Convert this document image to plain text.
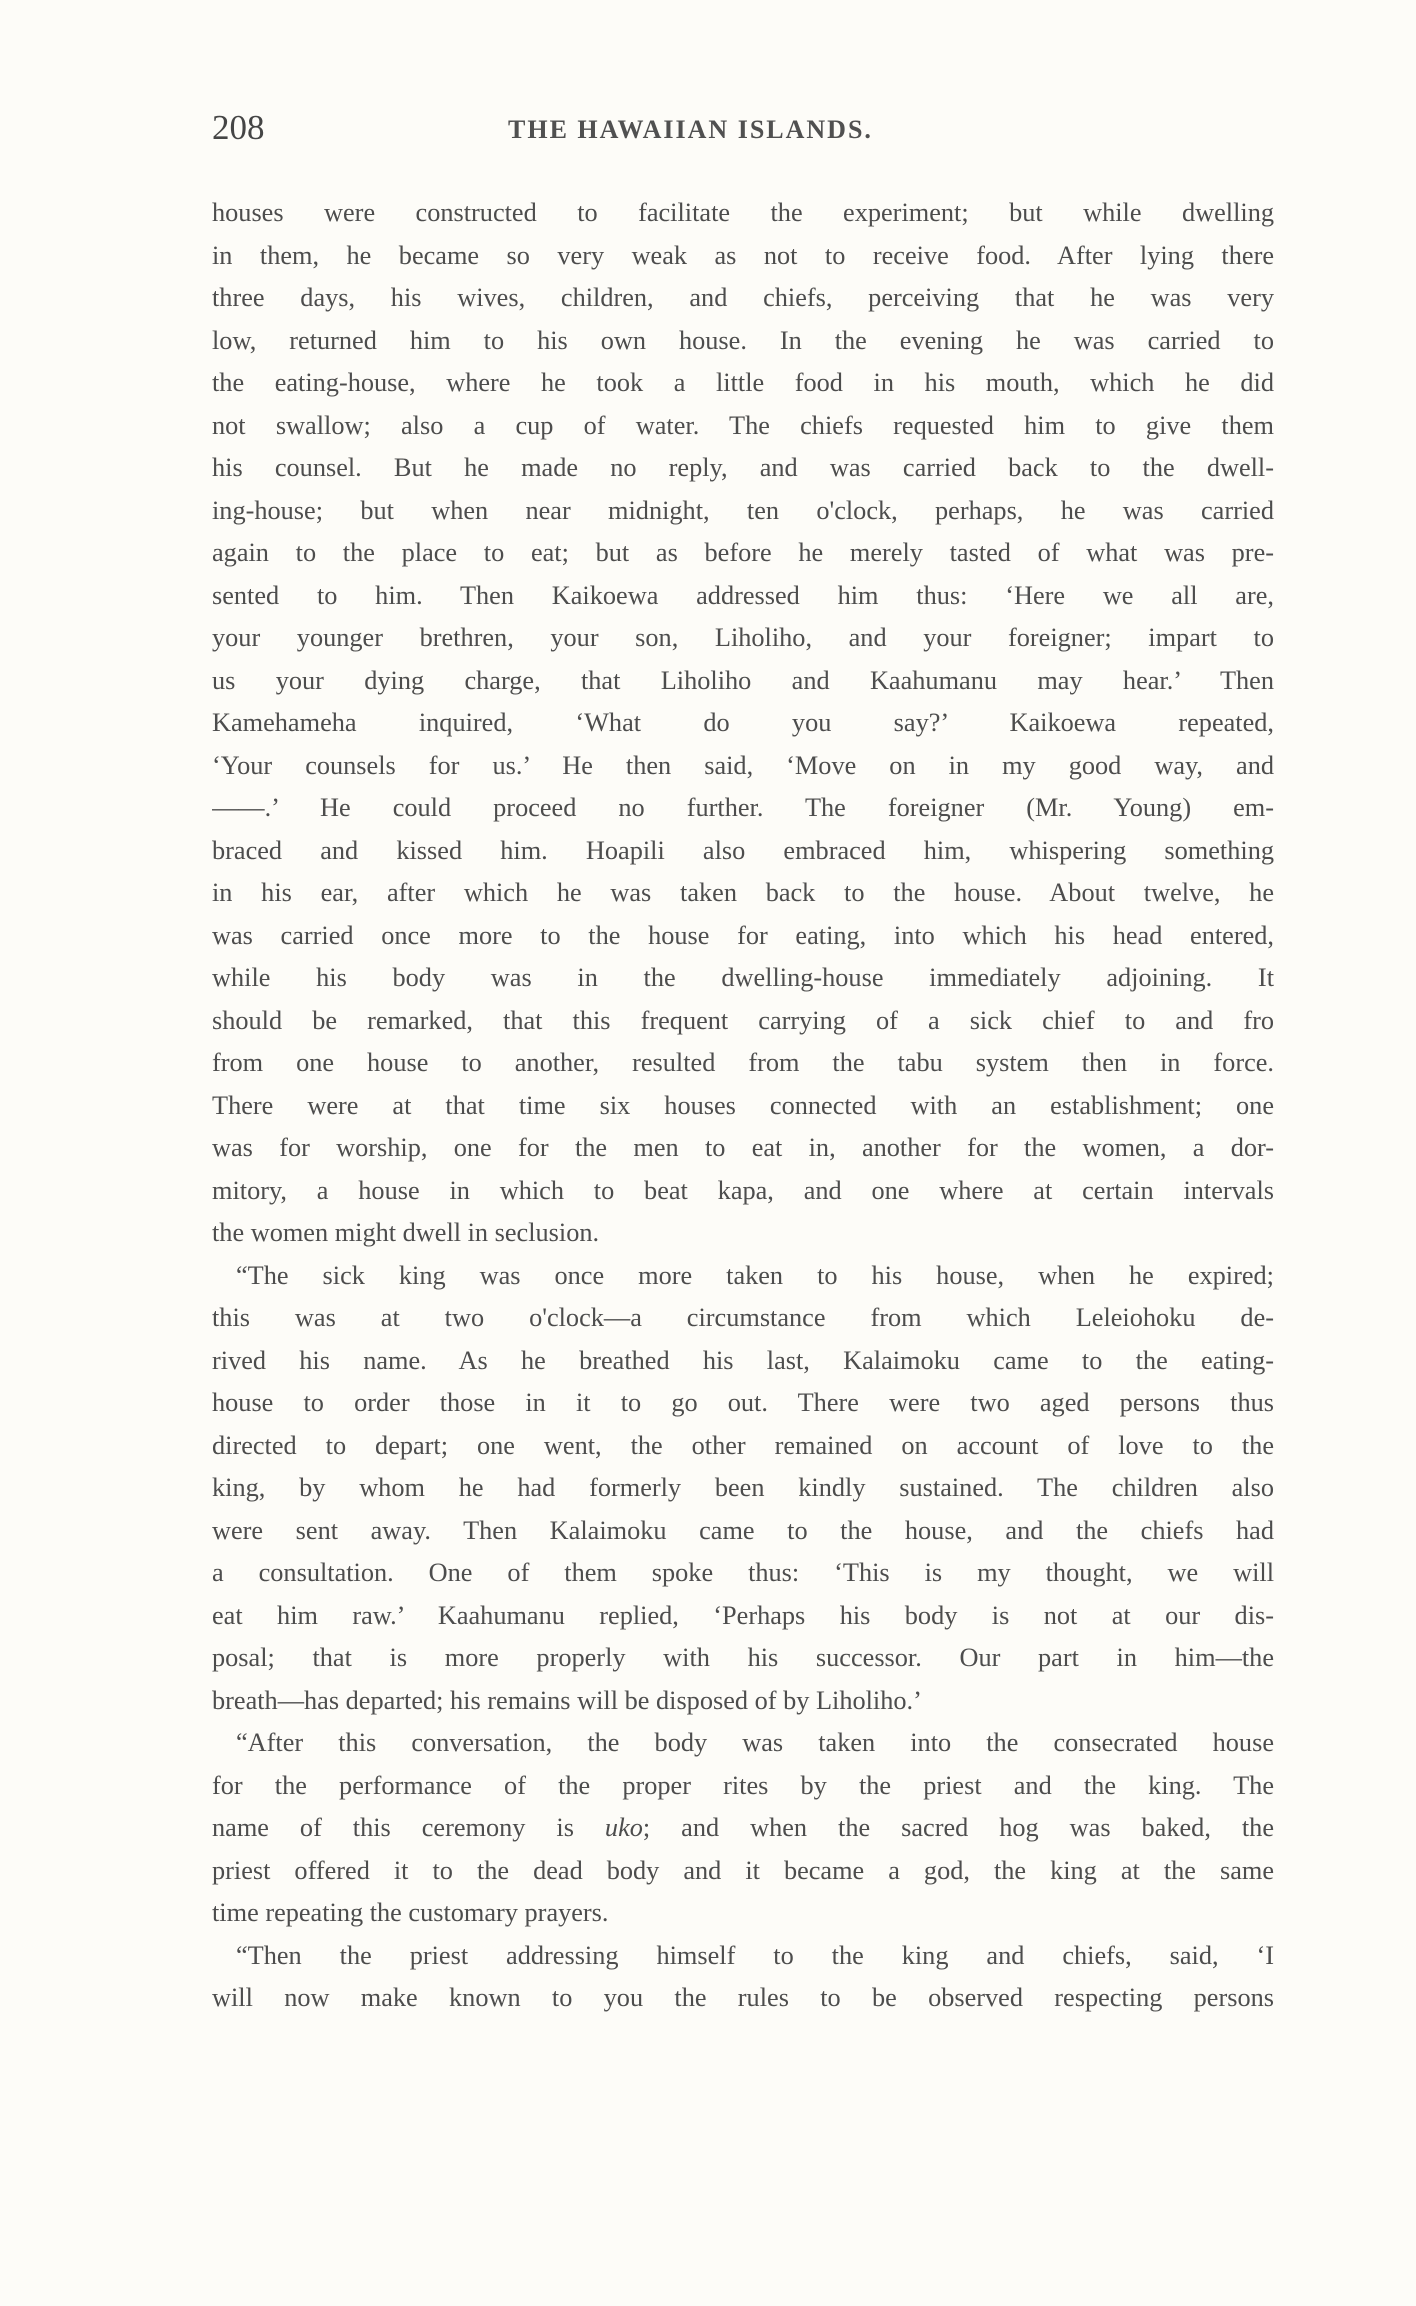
208	THE HAWAIIAN ISLANDS.
houses were constructed to facilitate the experiment; but while dwelling
in them, he became so very weak as not to receive food. After lying there
three days, his wives, children, and chiefs, perceiving that he was very
low, returned him to his own house. In the evening he was carried to
the eating-house, where he took a little food in his mouth, which he did
not swallow; also a cup of water. The chiefs requested him to give them
his counsel. But he made no reply, and was carried back to the dwell-
ing-house; but when near midnight, ten o'clock, perhaps, he was carried
again to the place to eat; but as before he merely tasted of what was pre-
sented to him. Then Kaikoewa addressed him thus: ‘Here we all are,
your younger brethren, your son, Liholiho, and your foreigner; impart to
us your dying charge, that Liholiho and Kaahumanu may hear.’ Then
Kamehameha inquired, ‘What do you say?’ Kaikoewa repeated,
‘Your counsels for us.’ He then said, ‘Move on in my good way, and
——.’ He could proceed no further. The foreigner (Mr. Young) em-
braced and kissed him. Hoapili also embraced him, whispering something
in his ear, after which he was taken back to the house. About twelve, he
was carried once more to the house for eating, into which his head entered,
while his body was in the dwelling-house immediately adjoining. It
should be remarked, that this frequent carrying of a sick chief to and fro
from one house to another, resulted from the tabu system then in force.
There were at that time six houses connected with an establishment; one
was for worship, one for the men to eat in, another for the women, a dor-
mitory, a house in which to beat kapa, and one where at certain intervals
the women might dwell in seclusion.
“The sick king was once more taken to his house, when he expired;
this was at two o'clock—a circumstance from which Leleiohoku de-
rived his name. As he breathed his last, Kalaimoku came to the eating-
house to order those in it to go out. There were two aged persons thus
directed to depart; one went, the other remained on account of love to the
king, by whom he had formerly been kindly sustained. The children also
were sent away. Then Kalaimoku came to the house, and the chiefs had
a consultation. One of them spoke thus: ‘This is my thought, we will
eat him raw.’ Kaahumanu replied, ‘Perhaps his body is not at our dis-
posal; that is more properly with his successor. Our part in him—the
breath—has departed; his remains will be disposed of by Liholiho.’
“After this conversation, the body was taken into the consecrated house
for the performance of the proper rites by the priest and the king. The
name of this ceremony is uko; and when the sacred hog was baked, the
priest offered it to the dead body and it became a god, the king at the same
time repeating the customary prayers.
“Then the priest addressing himself to the king and chiefs, said, ‘I
will now make known to you the rules to be observed respecting persons
